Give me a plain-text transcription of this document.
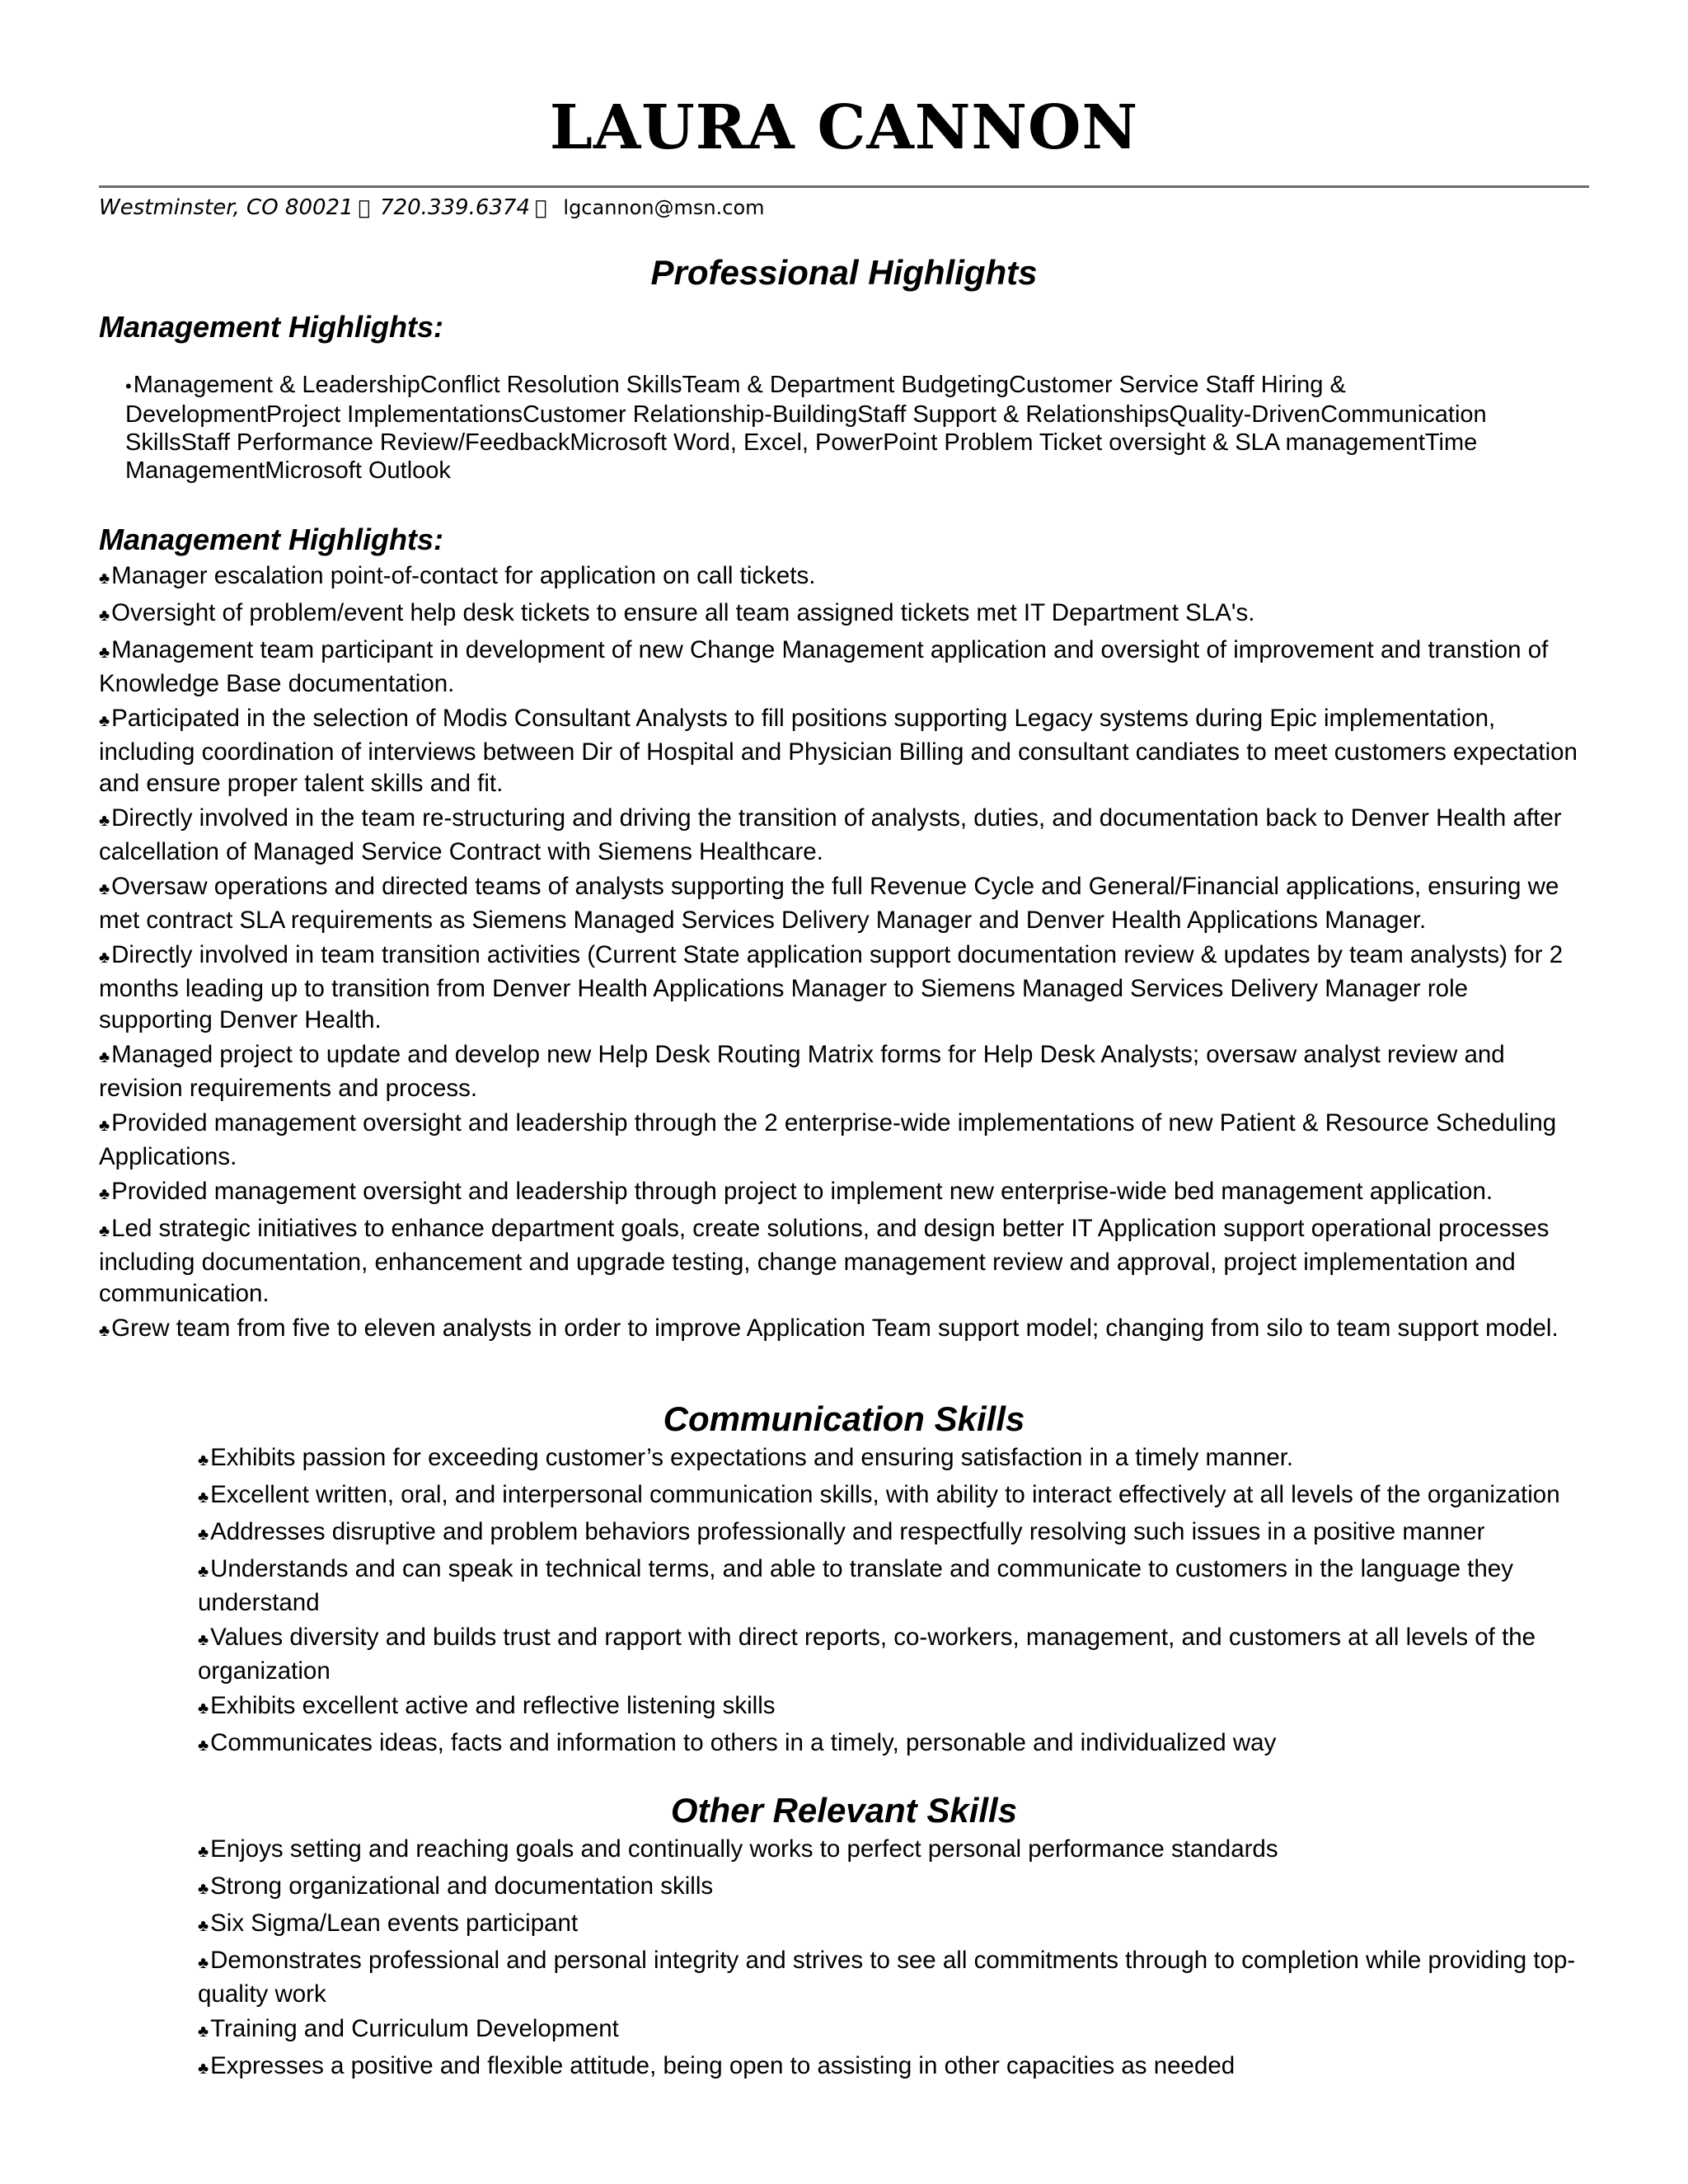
LAURA CANNON
Westminster, CO 80021 720.339.6374 lgcannon@msn.com
Professional Highlights
Management Highlights:
•Management & LeadershipConflict Resolution SkillsTeam & Department BudgetingCustomer Service Staff Hiring & DevelopmentProject ImplementationsCustomer Relationship-BuildingStaff Support & RelationshipsQuality-DrivenCommunication SkillsStaff Performance Review/FeedbackMicrosoft Word, Excel, PowerPoint Problem Ticket oversight & SLA managementTime ManagementMicrosoft Outlook
Management Highlights:
♣Manager escalation point-of-contact for application on call tickets.
♣Oversight of problem/event help desk tickets to ensure all team assigned tickets met IT Department SLA's.
♣Management team participant in development of new Change Management application and oversight of improvement and transtion of Knowledge Base documentation.
♣Participated in the selection of Modis Consultant Analysts to fill positions supporting Legacy systems during Epic implementation, including coordination of interviews between Dir of Hospital and Physician Billing and consultant candiates to meet customers expectation and ensure proper talent skills and fit.
♣Directly involved in the team re-structuring and driving the transition of analysts, duties, and documentation back to Denver Health after calcellation of Managed Service Contract with Siemens Healthcare.
♣Oversaw operations and directed teams of analysts supporting the full Revenue Cycle and General/Financial applications, ensuring we met contract SLA requirements as Siemens Managed Services Delivery Manager and Denver Health Applications Manager.
♣Directly involved in team transition activities (Current State application support documentation review & updates by team analysts) for 2 months leading up to transition from Denver Health Applications Manager to Siemens Managed Services Delivery Manager role supporting Denver Health.
♣Managed project to update and develop new Help Desk Routing Matrix forms for Help Desk Analysts; oversaw analyst review and revision requirements and process.
♣Provided management oversight and leadership through the 2 enterprise-wide implementations of new Patient & Resource Scheduling Applications.
♣Provided management oversight and leadership through project to implement new enterprise-wide bed management application.
♣Led strategic initiatives to enhance department goals, create solutions, and design better IT Application support operational processes including documentation, enhancement and upgrade testing, change management review and approval, project implementation and communication.
♣Grew team from five to eleven analysts in order to improve Application Team support model; changing from silo to team support model.
Communication Skills
♣Exhibits passion for exceeding customer’s expectations and ensuring satisfaction in a timely manner.
♣Excellent written, oral, and interpersonal communication skills, with ability to interact effectively at all levels of the organization
♣Addresses disruptive and problem behaviors professionally and respectfully resolving such issues in a positive manner
♣Understands and can speak in technical terms, and able to translate and communicate to customers in the language they understand
♣Values diversity and builds trust and rapport with direct reports, co-workers, management, and customers at all levels of the organization
♣Exhibits excellent active and reflective listening skills
♣Communicates ideas, facts and information to others in a timely, personable and individualized way
Other Relevant Skills
♣Enjoys setting and reaching goals and continually works to perfect personal performance standards
♣Strong organizational and documentation skills
♣Six Sigma/Lean events participant
♣Demonstrates professional and personal integrity and strives to see all commitments through to completion while providing top-quality work
♣Training and Curriculum Development
♣Expresses a positive and flexible attitude, being open to assisting in other capacities as needed
